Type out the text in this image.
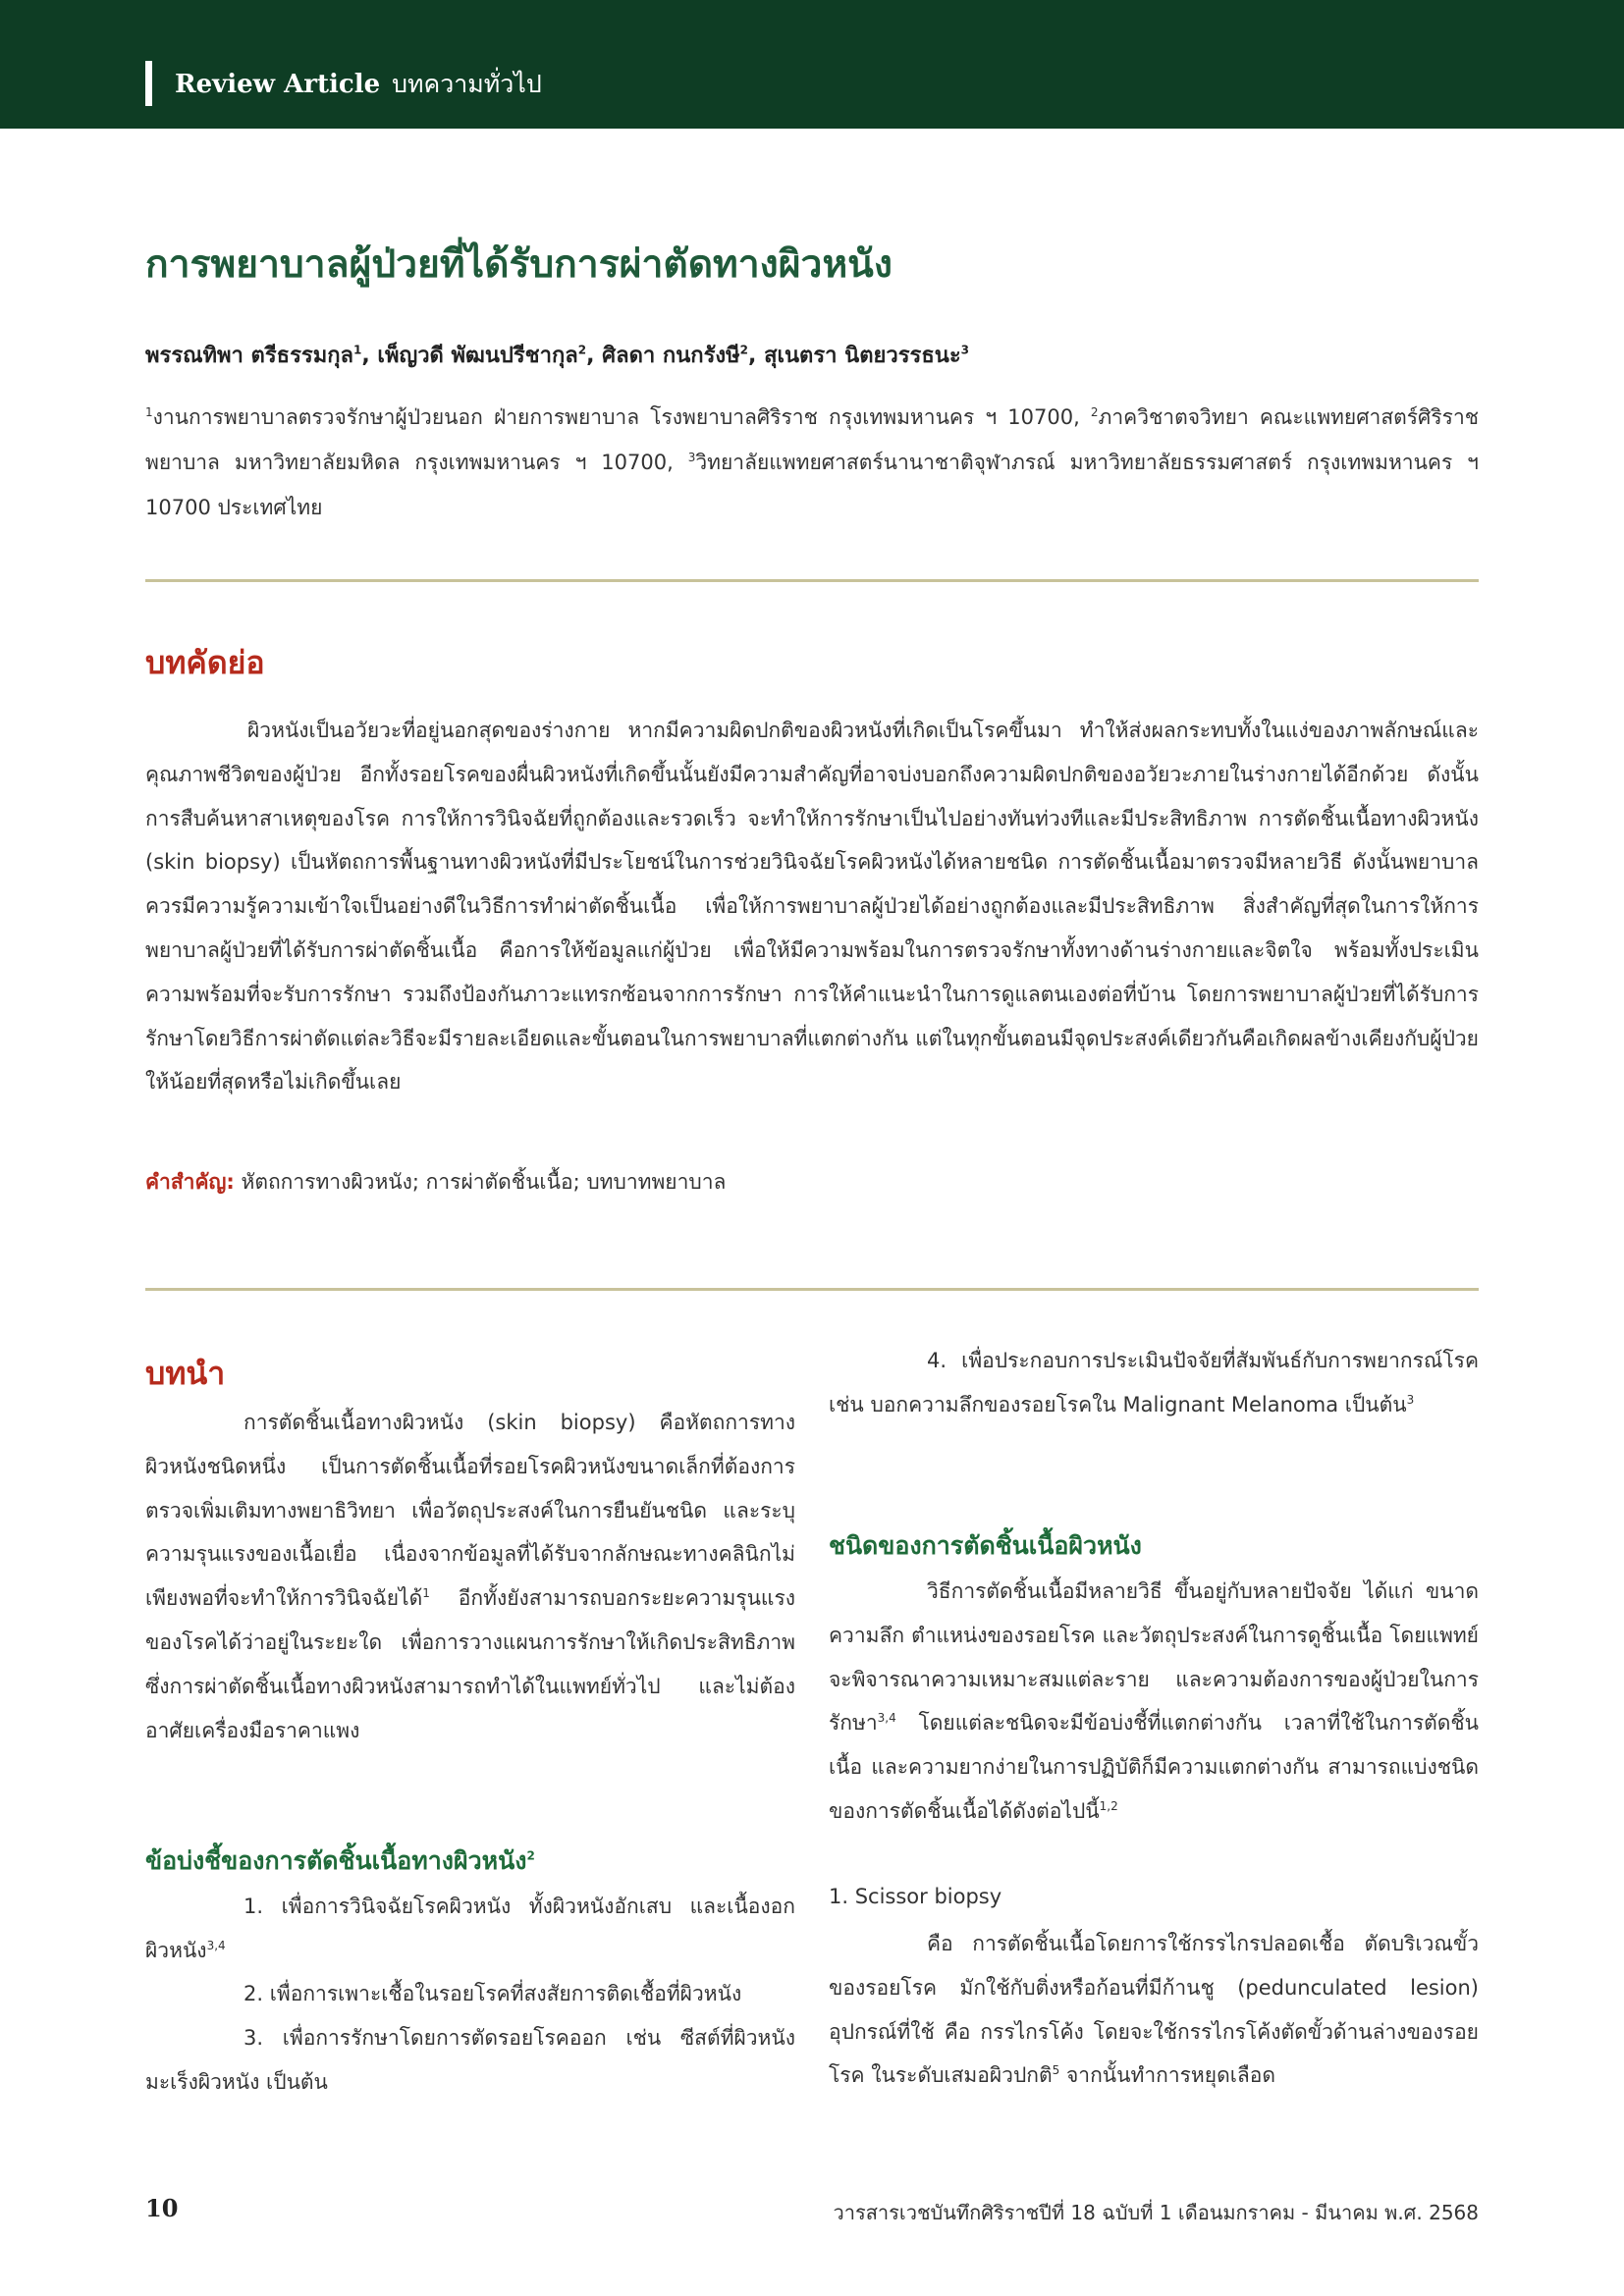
Review Article บทความทั่วไป
การพยาบาลผู้ป่วยที่ได้รับการผ่าตัดทางผิวหนัง
พรรณทิพา ตรีธรรมกุล$^1$, เพ็ญวดี พัฒนปรีชากุล$^2$, ศิลดา กนกรังษี$^2$, สุเนตรา นิตยวรรธนะ$^3$
$^1$งานการพยาบาลตรวจรักษาผู้ป่วยนอก ฝ่ายการพยาบาล โรงพยาบาลศิริราช กรุงเทพมหานคร ฯ 10700, $^2$ภาควิชาตจวิทยา คณะแพทยศาสตร์ศิริราชพยาบาล มหาวิทยาลัยมหิดล กรุงเทพมหานคร ฯ 10700, $^3$วิทยาลัยแพทยศาสตร์นานาชาติจุฬาภรณ์ มหาวิทยาลัยธรรมศาสตร์ กรุงเทพมหานคร ฯ 10700 ประเทศไทย
บทคัดย่อ

ผิวหนังเป็นอวัยวะที่อยู่นอกสุดของร่างกาย หากมีความผิดปกติของผิวหนังที่เกิดเป็นโรคขึ้นมา ทำให้ส่งผลกระทบทั้งในแง่ของภาพลักษณ์และคุณภาพชีวิตของผู้ป่วย อีกทั้งรอยโรคของผื่นผิวหนังที่เกิดขึ้นนั้นยังมีความสำคัญที่อาจบ่งบอกถึงความผิดปกติของอวัยวะภายในร่างกายได้อีกด้วย ดังนั้นการสืบค้นหาสาเหตุของโรค การให้การวินิจฉัยที่ถูกต้องและรวดเร็ว จะทำให้การรักษาเป็นไปอย่างทันท่วงทีและมีประสิทธิภาพ การตัดชิ้นเนื้อทางผิวหนัง (skin biopsy) เป็นหัตถการพื้นฐานทางผิวหนังที่มีประโยชน์ในการช่วยวินิจฉัยโรคผิวหนังได้หลายชนิด การตัดชิ้นเนื้อมาตรวจมีหลายวิธี ดังนั้นพยาบาลควรมีความรู้ความเข้าใจเป็นอย่างดีในวิธีการทำผ่าตัดชิ้นเนื้อ เพื่อให้การพยาบาลผู้ป่วยได้อย่างถูกต้องและมีประสิทธิภาพ สิ่งสำคัญที่สุดในการให้การพยาบาลผู้ป่วยที่ได้รับการผ่าตัดชิ้นเนื้อ คือการให้ข้อมูลแก่ผู้ป่วย เพื่อให้มีความพร้อมในการตรวจรักษาทั้งทางด้านร่างกายและจิตใจ พร้อมทั้งประเมินความพร้อมที่จะรับการรักษา รวมถึงป้องกันภาวะแทรกซ้อนจากการรักษา การให้คำแนะนำในการดูแลตนเองต่อที่บ้าน โดยการพยาบาลผู้ป่วยที่ได้รับการรักษาโดยวิธีการผ่าตัดแต่ละวิธีจะมีรายละเอียดและขั้นตอนในการพยาบาลที่แตกต่างกัน แต่ในทุกขั้นตอนมีจุดประสงค์เดียวกันคือเกิดผลข้างเคียงกับผู้ป่วยให้น้อยที่สุดหรือไม่เกิดขึ้นเลย

คำสำคัญ: หัตถการทางผิวหนัง; การผ่าตัดชิ้นเนื้อ; บทบาทพยาบาล
บทนำ

การตัดชิ้นเนื้อทางผิวหนัง (skin biopsy) คือหัตถการทางผิวหนังชนิดหนึ่ง เป็นการตัดชิ้นเนื้อที่รอยโรคผิวหนังขนาดเล็กที่ต้องการตรวจเพิ่มเติมทางพยาธิวิทยา เพื่อวัตถุประสงค์ในการยืนยันชนิด และระบุความรุนแรงของเนื้อเยื่อ เนื่องจากข้อมูลที่ได้รับจากลักษณะทางคลินิกไม่เพียงพอที่จะทำให้การวินิจฉัยได้$^1$ อีกทั้งยังสามารถบอกระยะความรุนแรงของโรคได้ว่าอยู่ในระยะใด เพื่อการวางแผนการรักษาให้เกิดประสิทธิภาพ ซึ่งการผ่าตัดชิ้นเนื้อทางผิวหนังสามารถทำได้ในแพทย์ทั่วไป และไม่ต้องอาศัยเครื่องมือราคาแพง

ข้อบ่งชี้ของการตัดชิ้นเนื้อทางผิวหนัง$^2$

1. เพื่อการวินิจฉัยโรคผิวหนัง ทั้งผิวหนังอักเสบ และเนื้องอกผิวหนัง$^{3,4}$

2. เพื่อการเพาะเชื้อในรอยโรคที่สงสัยการติดเชื้อที่ผิวหนัง

3. เพื่อการรักษาโดยการตัดรอยโรคออก เช่น ซีสต์ที่ผิวหนัง มะเร็งผิวหนัง เป็นต้น

4. เพื่อประกอบการประเมินปัจจัยที่สัมพันธ์กับการพยากรณ์โรค เช่น บอกความลึกของรอยโรคใน Malignant Melanoma เป็นต้น$^3$

ชนิดของการตัดชิ้นเนื้อผิวหนัง

วิธีการตัดชิ้นเนื้อมีหลายวิธี ขึ้นอยู่กับหลายปัจจัย ได้แก่ ขนาด ความลึก ตำแหน่งของรอยโรค และวัตถุประสงค์ในการดูชิ้นเนื้อ โดยแพทย์จะพิจารณาความเหมาะสมแต่ละราย และความต้องการของผู้ป่วยในการรักษา$^{3,4}$ โดยแต่ละชนิดจะมีข้อบ่งชี้ที่แตกต่างกัน เวลาที่ใช้ในการตัดชิ้นเนื้อ และความยากง่ายในการปฏิบัติก็มีความแตกต่างกัน สามารถแบ่งชนิดของการตัดชิ้นเนื้อได้ดังต่อไปนี้$^{1,2}$

1. Scissor biopsy

คือ การตัดชิ้นเนื้อโดยการใช้กรรไกรปลอดเชื้อ ตัดบริเวณขั้วของรอยโรค มักใช้กับติ่งหรือก้อนที่มีก้านชู (pedunculated lesion) อุปกรณ์ที่ใช้ คือ กรรไกรโค้ง โดยจะใช้กรรไกรโค้งตัดขั้วด้านล่างของรอยโรค ในระดับเสมอผิวปกติ$^5$ จากนั้นทำการหยุดเลือด

10	วารสารเวชบันทึกศิริราชปีที่ 18 ฉบับที่ 1 เดือนมกราคม - มีนาคม พ.ศ. 2568
